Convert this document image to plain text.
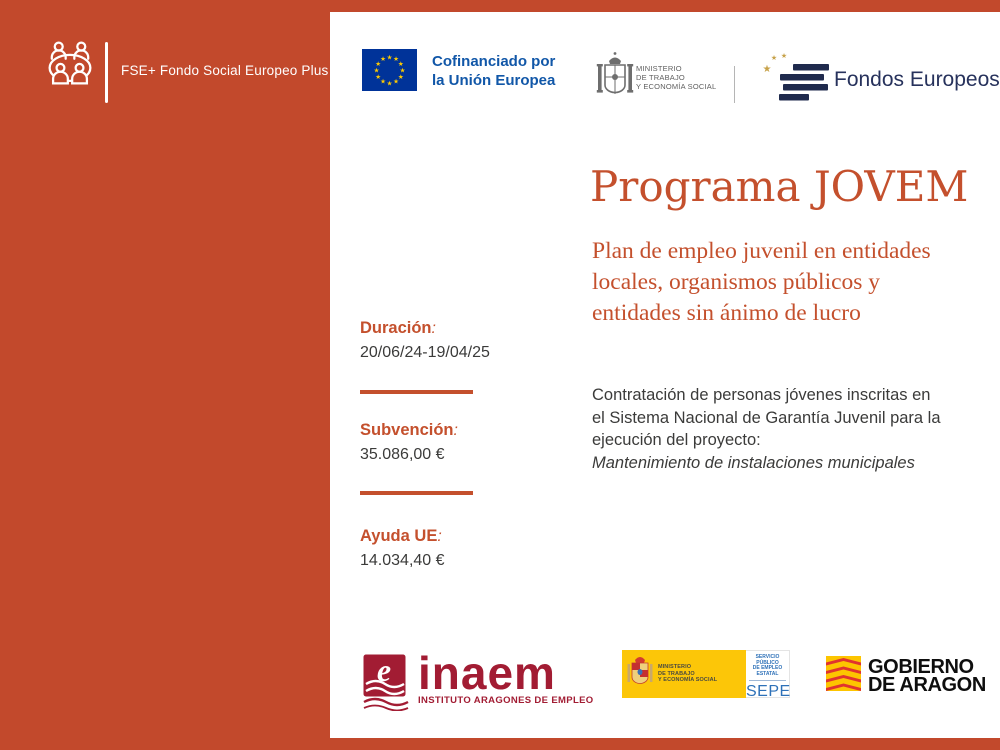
FSE+ Fondo Social Europeo Plus
★ ★
★
★
★
★
★
★
★
★
★
★	Cofinanciado por
la Unión Europea
MINISTERIO
DE TRABAJO
Y ECONOMÍA SOCIAL
★ ★
★	Fondos Europeos
Programa JOVEM
Plan de empleo juvenil en entidades
locales, organismos públicos y
entidades sin ánimo de lucro
Duración:
20/06/24-19/04/25
Subvención:
35.086,00 €
Ayuda UE:
14.034,40 €
Contratación de personas jóvenes inscritas en
el Sistema Nacional de Garantía Juvenil para la
ejecución del proyecto:
Mantenimiento de instalaciones municipales
e inaem
INSTITUTO ARAGONES DE EMPLEO
MINISTERIO
DE TRABAJO
Y ECONOMÍA SOCIAL
SERVICIO PÚBLICO
DE EMPLEO ESTATAL
SEPE
GOBIERNO
DE ARAGON
